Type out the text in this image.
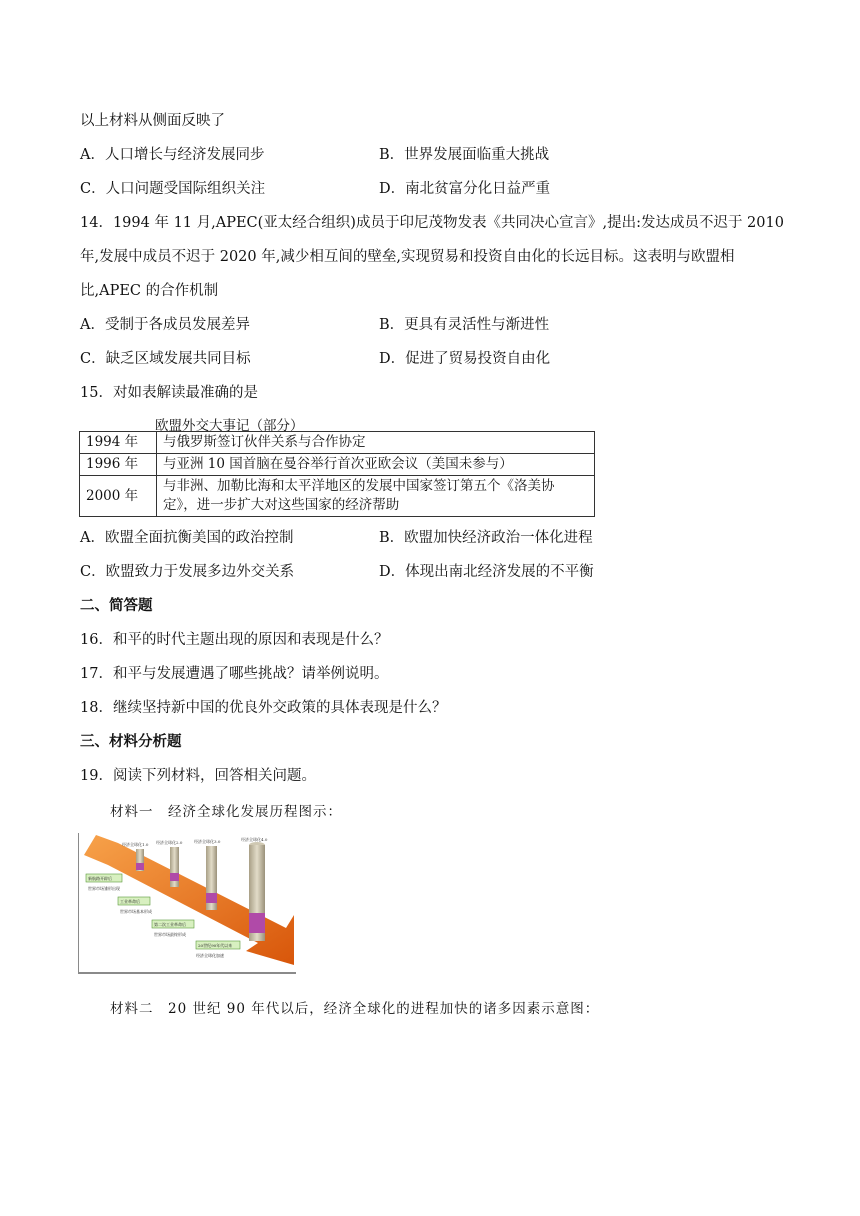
以上材料从侧面反映了
A．人口增长与经济发展同步	B．世界发展面临重大挑战
C．人口问题受国际组织关注	D．南北贫富分化日益严重
14．1994 年 11 月,APEC(亚太经合组织)成员于印尼茂物发表《共同决心宣言》,提出:发达成员不迟于 2010
年,发展中成员不迟于 2020 年,减少相互间的壁垒,实现贸易和投资自由化的长远目标。这表明与欧盟相
比,APEC 的合作机制
A．受制于各成员发展差异	B．更具有灵活性与渐进性
C．缺乏区域发展共同目标	D．促进了贸易投资自由化
15．对如表解读最准确的是
欧盟外交大事记（部分）
1994 年	与俄罗斯签订伙伴关系与合作协定
1996 年	与亚洲 10 国首脑在曼谷举行首次亚欧会议（美国未参与）
2000 年	与非洲、加勒比海和太平洋地区的发展中国家签订第五个《洛美协定》，进一步扩大对这些国家的经济帮助
A．欧盟全面抗衡美国的政治控制	B．欧盟加快经济政治一体化进程
C．欧盟致力于发展多边外交关系	D．体现出南北经济发展的不平衡
二、简答题
16．和平的时代主题出现的原因和表现是什么？
17．和平与发展遭遇了哪些挑战？请举例说明。
18．继续坚持新中国的优良外交政策的具体表现是什么？
三、材料分析题
19．阅读下列材料，回答相关问题。
材料一　经济全球化发展历程图示：
经济全球化1.0 经济全球化2.0	经济全球化3.0	经济全球化4.0
新航路开辟后
世界市场雏形出现
工业革命后
世界市场基本形成
第二次工业革命后
世界市场最终形成
20世纪90年代以来
经济全球化加速
材料二　20 世纪 90 年代以后，经济全球化的进程加快的诸多因素示意图：
